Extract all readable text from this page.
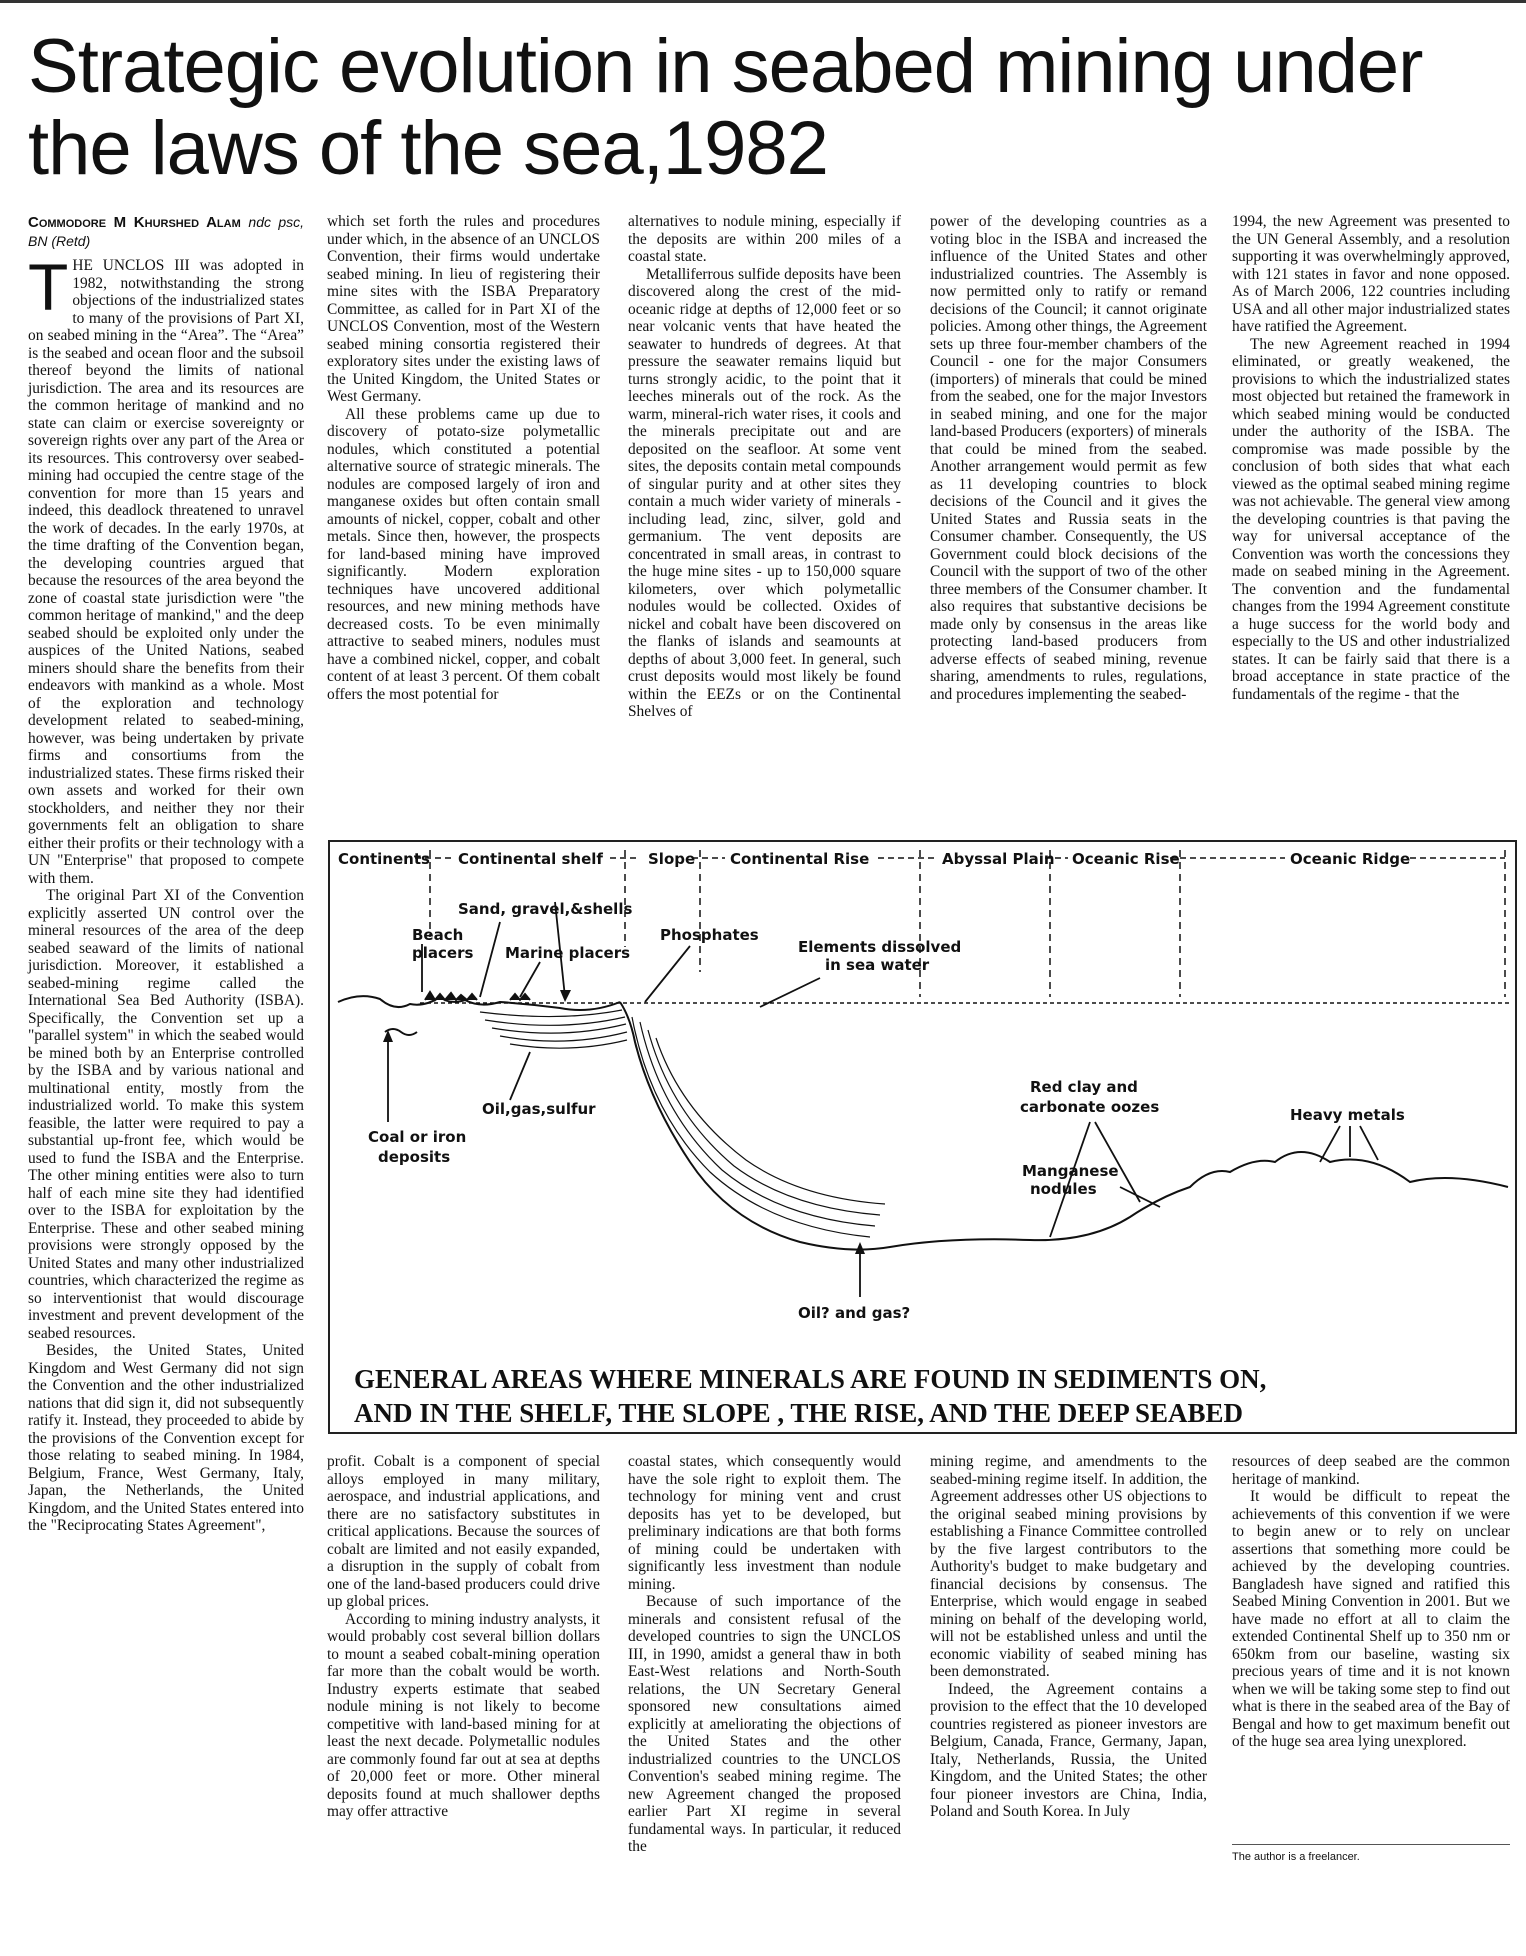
Strategic evolution in seabed mining under the laws of the sea,1982
Commodore M Khurshed Alam ndc psc, BN (Retd)

THE UNCLOS III was adopted in 1982, notwithstanding the strong objections of the industrialized states to many of the provisions of Part XI, on seabed mining in the “Area”. The “Area” is the seabed and ocean floor and the subsoil thereof beyond the limits of national jurisdiction. The area and its resources are the common heritage of mankind and no state can claim or exercise sovereignty or sovereign rights over any part of the Area or its resources. This controversy over seabed-mining had occupied the centre stage of the convention for more than 15 years and indeed, this deadlock threatened to unravel the work of decades. In the early 1970s, at the time drafting of the Convention began, the developing countries argued that because the resources of the area beyond the zone of coastal state jurisdiction were "the common heritage of mankind," and the deep seabed should be exploited only under the auspices of the United Nations, seabed miners should share the benefits from their endeavors with mankind as a whole. Most of the exploration and technology development related to seabed-mining, however, was being undertaken by private firms and consortiums from the industrialized states. These firms risked their own assets and worked for their own stockholders, and neither they nor their governments felt an obligation to share either their profits or their technology with a UN "Enterprise" that proposed to compete with them.

The original Part XI of the Convention explicitly asserted UN control over the mineral resources of the area of the deep seabed seaward of the limits of national jurisdiction. Moreover, it established a seabed-mining regime called the International Sea Bed Authority (ISBA). Specifically, the Convention set up a "parallel system" in which the seabed would be mined both by an Enterprise controlled by the ISBA and by various national and multinational entity, mostly from the industrialized world. To make this system feasible, the latter were required to pay a substantial up-front fee, which would be used to fund the ISBA and the Enterprise. The other mining entities were also to turn half of each mine site they had identified over to the ISBA for exploitation by the Enterprise. These and other seabed mining provisions were strongly opposed by the United States and many other industrialized countries, which characterized the regime as so interventionist that would discourage investment and prevent development of the seabed resources.

Besides, the United States, United Kingdom and West Germany did not sign the Convention and the other industrialized nations that did sign it, did not subsequently ratify it. Instead, they proceeded to abide by the provisions of the Convention except for those relating to seabed mining. In 1984, Belgium, France, West Germany, Italy, Japan, the Netherlands, the United Kingdom, and the United States entered into the "Reciprocating States Agreement",

which set forth the rules and procedures under which, in the absence of an UNCLOS Convention, their firms would undertake seabed mining. In lieu of registering their mine sites with the ISBA Preparatory Committee, as called for in Part XI of the UNCLOS Convention, most of the Western seabed mining consortia registered their exploratory sites under the existing laws of the United Kingdom, the United States or West Germany.

All these problems came up due to discovery of potato-size polymetallic nodules, which constituted a potential alternative source of strategic minerals. The nodules are composed largely of iron and manganese oxides but often contain small amounts of nickel, copper, cobalt and other metals. Since then, however, the prospects for land-based mining have improved significantly. Modern exploration techniques have uncovered additional resources, and new mining methods have decreased costs. To be even minimally attractive to seabed miners, nodules must have a combined nickel, copper, and cobalt content of at least 3 percent. Of them cobalt offers the most potential for

alternatives to nodule mining, especially if the deposits are within 200 miles of a coastal state.

Metalliferrous sulfide deposits have been discovered along the crest of the mid-oceanic ridge at depths of 12,000 feet or so near volcanic vents that have heated the seawater to hundreds of degrees. At that pressure the seawater remains liquid but turns strongly acidic, to the point that it leeches minerals out of the rock. As the warm, mineral-rich water rises, it cools and the minerals precipitate out and are deposited on the seafloor. At some vent sites, the deposits contain metal compounds of singular purity and at other sites they contain a much wider variety of minerals - including lead, zinc, silver, gold and germanium. The vent deposits are concentrated in small areas, in contrast to the huge mine sites - up to 150,000 square kilometers, over which polymetallic nodules would be collected. Oxides of nickel and cobalt have been discovered on the flanks of islands and seamounts at depths of about 3,000 feet. In general, such crust deposits would most likely be found within the EEZs or on the Continental Shelves of

power of the developing countries as a voting bloc in the ISBA and increased the influence of the United States and other industrialized countries. The Assembly is now permitted only to ratify or remand decisions of the Council; it cannot originate policies. Among other things, the Agreement sets up three four-member chambers of the Council - one for the major Consumers (importers) of minerals that could be mined from the seabed, one for the major Investors in seabed mining, and one for the major land-based Producers (exporters) of minerals that could be mined from the seabed. Another arrangement would permit as few as 11 developing countries to block decisions of the Council and it gives the United States and Russia seats in the Consumer chamber. Consequently, the US Government could block decisions of the Council with the support of two of the other three members of the Consumer chamber. It also requires that substantive decisions be made only by consensus in the areas like protecting land-based producers from adverse effects of seabed mining, revenue sharing, amendments to rules, regulations, and procedures implementing the seabed-

1994, the new Agreement was presented to the UN General Assembly, and a resolution supporting it was overwhelmingly approved, with 121 states in favor and none opposed. As of March 2006, 122 countries including USA and all other major industrialized states have ratified the Agreement.

The new Agreement reached in 1994 eliminated, or greatly weakened, the provisions to which the industrialized states most objected but retained the framework in which seabed mining would be conducted under the authority of the ISBA. The compromise was made possible by the conclusion of both sides that what each viewed as the optimal seabed mining regime was not achievable. The general view among the developing countries is that paving the way for universal acceptance of the Convention was worth the concessions they made on seabed mining in the Agreement. The convention and the fundamental changes from the 1994 Agreement constitute a huge success for the world body and especially to the US and other industrialized states. It can be fairly said that there is a broad acceptance in state practice of the fundamentals of the regime - that the

Continents Continental shelf	Slope Continental Rise	Abyssal Plain Oceanic Rise	Oceanic Ridge
Sand, gravel,&shells
Beach
placers Marine placers
Phosphates
Elements dissolved
in sea water
Coal or iron
deposits
Oil,gas,sulfur
Red clay and
carbonate oozes	Heavy metals
Manganese
nodules
Oil? and gas?
GENERAL AREAS WHERE MINERALS ARE FOUND IN SEDIMENTS ON,
AND IN THE SHELF, THE SLOPE , THE RISE, AND THE DEEP SEABED

profit. Cobalt is a component of special alloys employed in many military, aerospace, and industrial applications, and there are no satisfactory substitutes in critical applications. Because the sources of cobalt are limited and not easily expanded, a disruption in the supply of cobalt from one of the land-based producers could drive up global prices.

According to mining industry analysts, it would probably cost several billion dollars to mount a seabed cobalt-mining operation far more than the cobalt would be worth. Industry experts estimate that seabed nodule mining is not likely to become competitive with land-based mining for at least the next decade. Polymetallic nodules are commonly found far out at sea at depths of 20,000 feet or more. Other mineral deposits found at much shallower depths may offer attractive

coastal states, which consequently would have the sole right to exploit them. The technology for mining vent and crust deposits has yet to be developed, but preliminary indications are that both forms of mining could be undertaken with significantly less investment than nodule mining.

Because of such importance of the minerals and consistent refusal of the developed countries to sign the UNCLOS III, in 1990, amidst a general thaw in both East-West relations and North-South relations, the UN Secretary General sponsored new consultations aimed explicitly at ameliorating the objections of the United States and the other industrialized countries to the UNCLOS Convention's seabed mining regime. The new Agreement changed the proposed earlier Part XI regime in several fundamental ways. In particular, it reduced the

mining regime, and amendments to the seabed-mining regime itself. In addition, the Agreement addresses other US objections to the original seabed mining provisions by establishing a Finance Committee controlled by the five largest contributors to the Authority's budget to make budgetary and financial decisions by consensus. The Enterprise, which would engage in seabed mining on behalf of the developing world, will not be established unless and until the economic viability of seabed mining has been demonstrated.

Indeed, the Agreement contains a provision to the effect that the 10 developed countries registered as pioneer investors are Belgium, Canada, France, Germany, Japan, Italy, Netherlands, Russia, the United Kingdom, and the United States; the other four pioneer investors are China, India, Poland and South Korea. In July

resources of deep seabed are the common heritage of mankind.

It would be difficult to repeat the achievements of this convention if we were to begin anew or to rely on unclear assertions that something more could be achieved by the developing countries. Bangladesh have signed and ratified this Seabed Mining Convention in 2001. But we have made no effort at all to claim the extended Continental Shelf up to 350 nm or 650km from our baseline, wasting six precious years of time and it is not known when we will be taking some step to find out what is there in the seabed area of the Bay of Bengal and how to get maximum benefit out of the huge sea area lying unexplored.

The author is a freelancer.
